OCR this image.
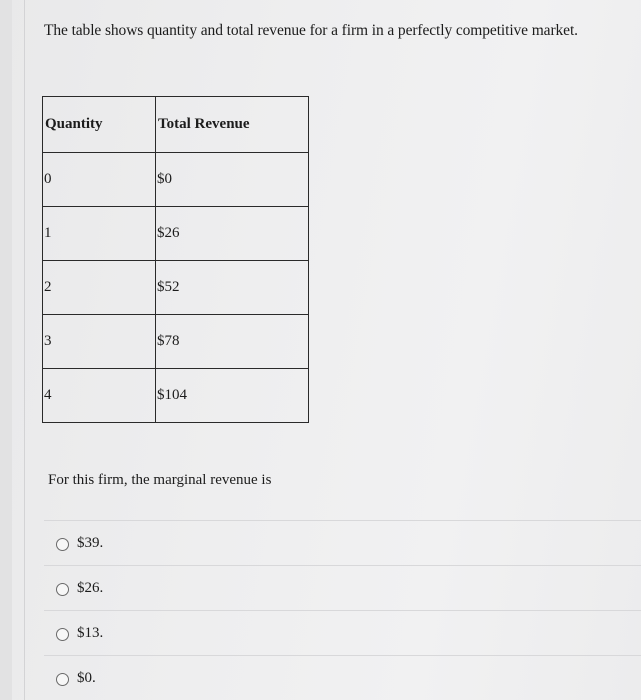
The table shows quantity and total revenue for a firm in a perfectly competitive market.
Quantity	Total Revenue
0	$0
1	$26
2	$52
3	$78
4	$104
For this firm, the marginal revenue is
$39.
$26.
$13.
$0.
